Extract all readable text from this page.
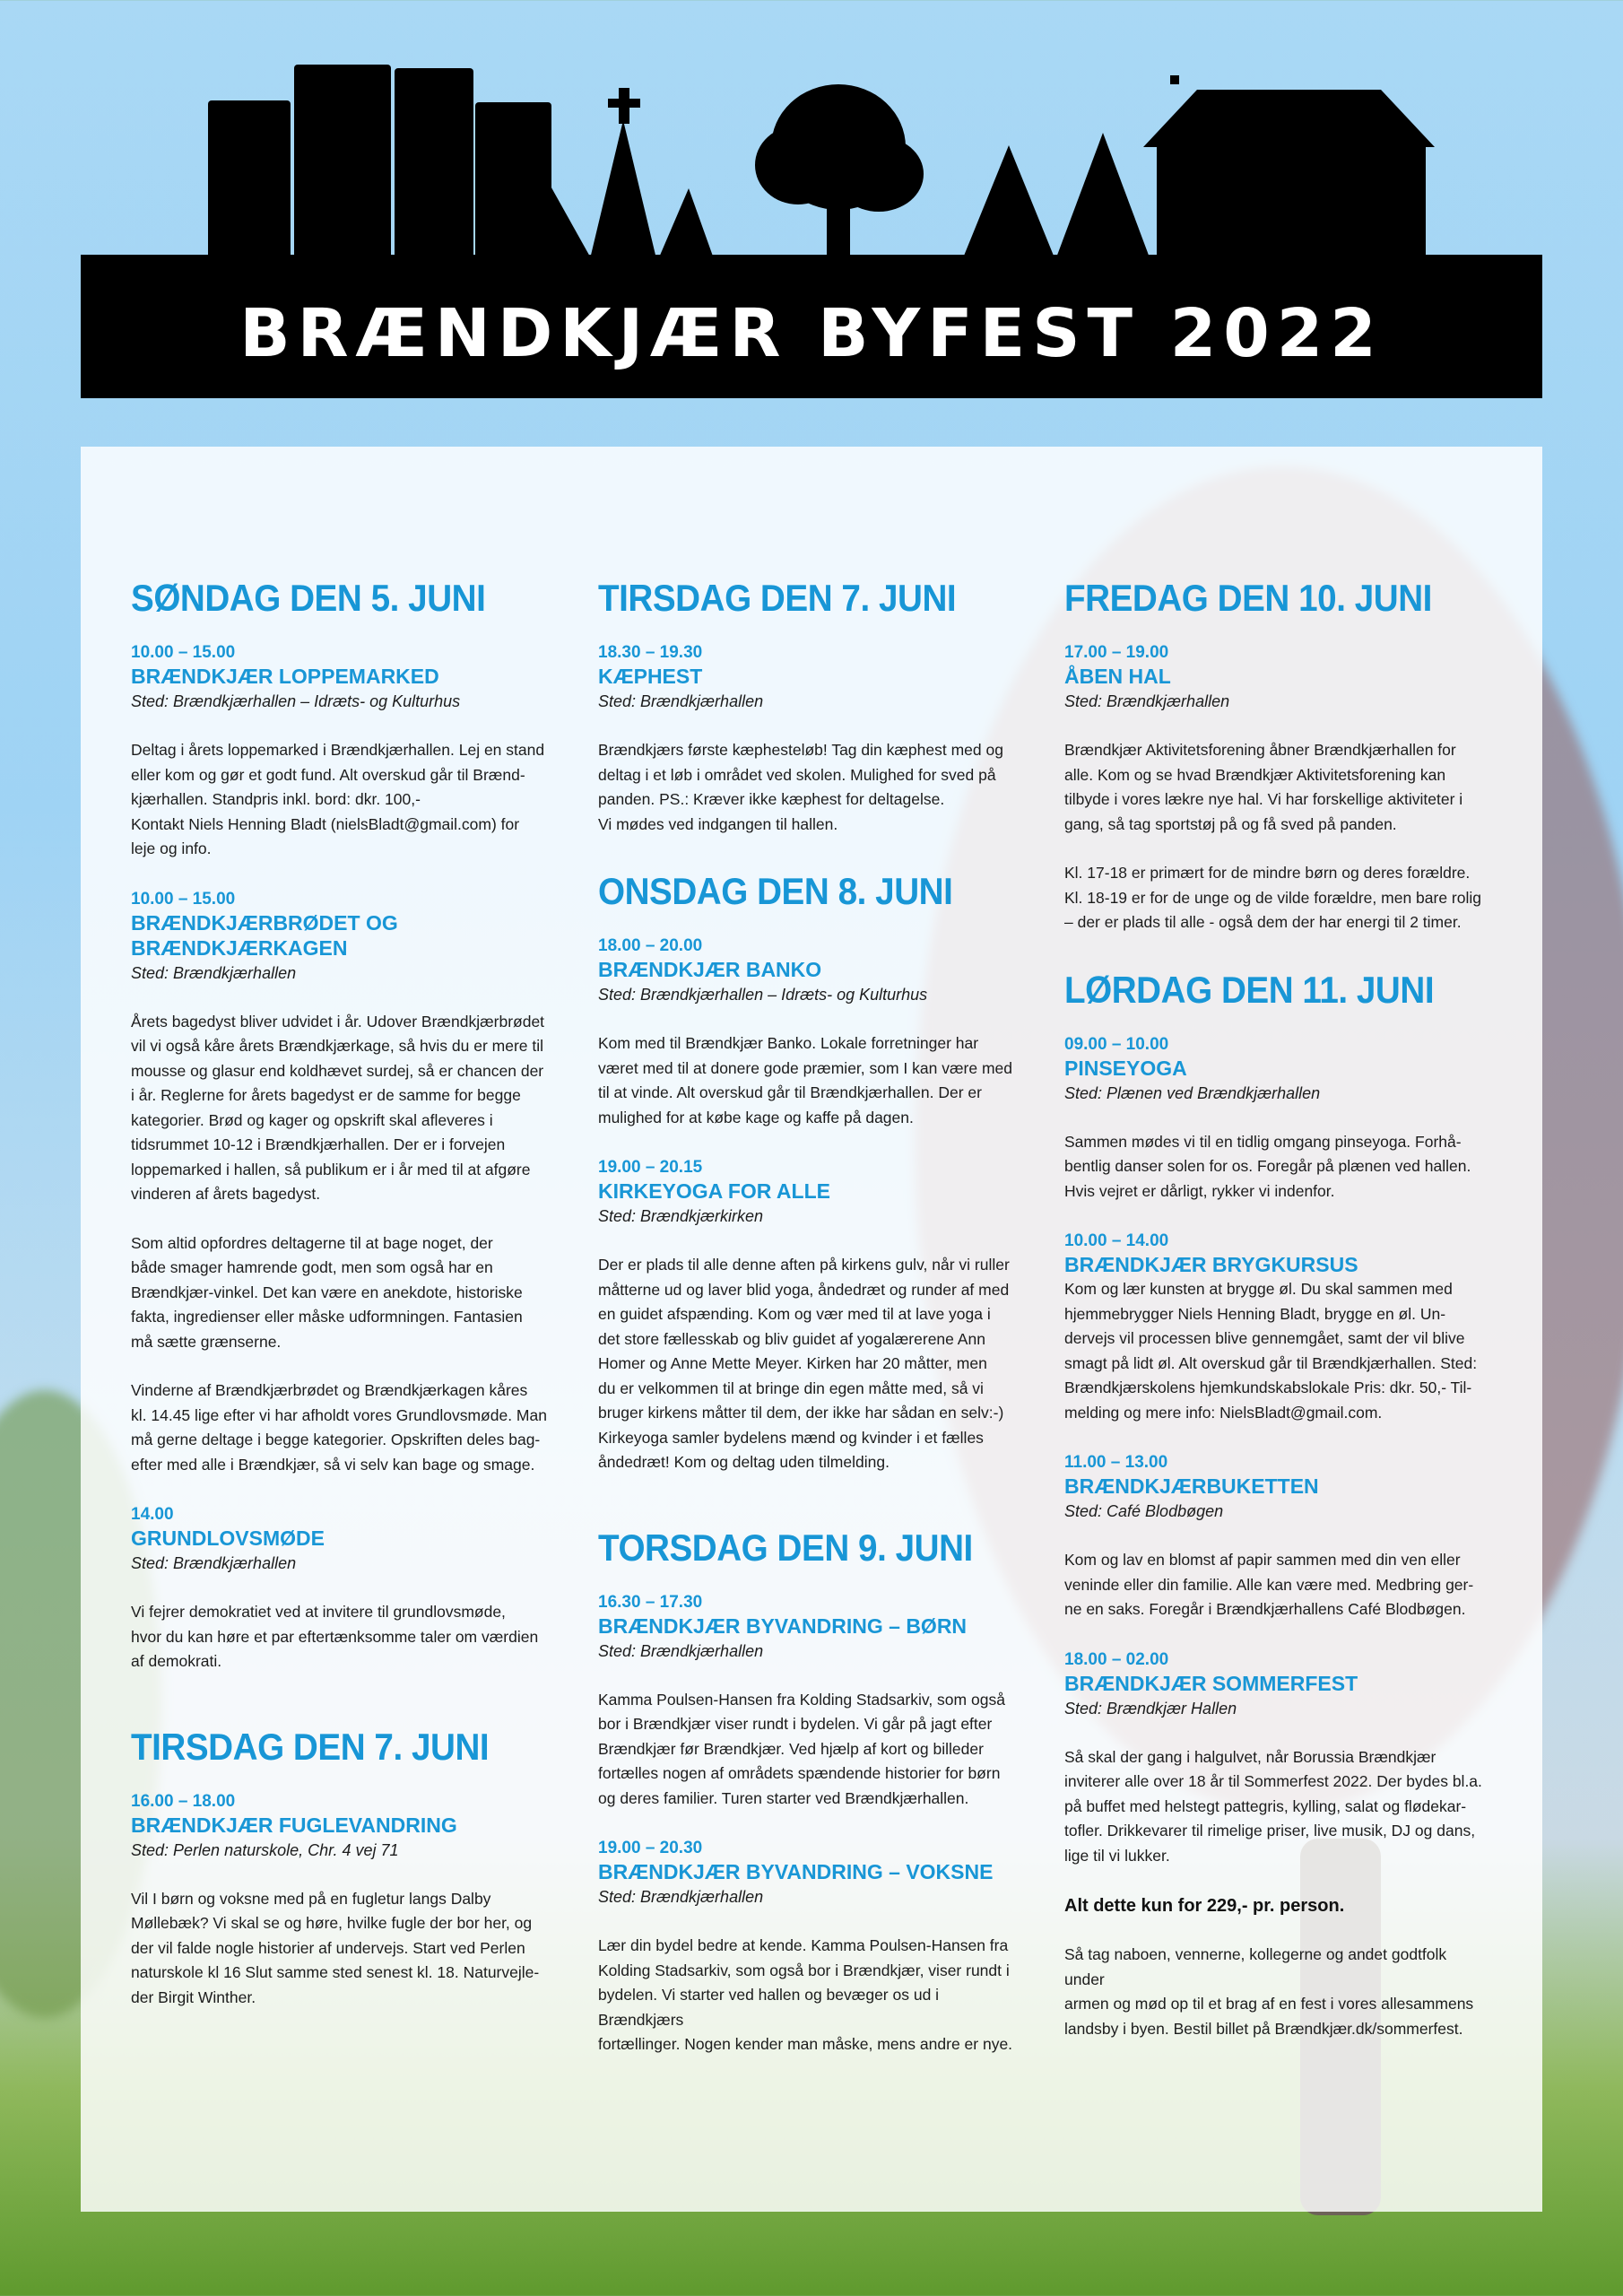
BRÆNDKJÆR BYFEST 2022
SØNDAG DEN 5. JUNI
10.00 – 15.00
BRÆNDKJÆR LOPPEMARKED
Sted: Brændkjærhallen – Idræts- og Kulturhus
Deltag i årets loppemarked i Brændkjærhallen. Lej en stand
eller kom og gør et godt fund. Alt overskud går til Brænd-
kjærhallen. Standpris inkl. bord: dkr. 100,-
Kontakt Niels Henning Bladt (nielsBladt@gmail.com) for
leje og info.
10.00 – 15.00
BRÆNDKJÆRBRØDET OG
BRÆNDKJÆRKAGEN
Sted: Brændkjærhallen
Årets bagedyst bliver udvidet i år. Udover Brændkjærbrødet
vil vi også kåre årets Brændkjærkage, så hvis du er mere til
mousse og glasur end koldhævet surdej, så er chancen der
i år. Reglerne for årets bagedyst er de samme for begge
kategorier. Brød og kager og opskrift skal afleveres i
tidsrummet 10-12 i Brændkjærhallen. Der er i forvejen
loppemarked i hallen, så publikum er i år med til at afgøre
vinderen af årets bagedyst.
Som altid opfordres deltagerne til at bage noget, der
både smager hamrende godt, men som også har en
Brændkjær-vinkel. Det kan være en anekdote, historiske
fakta, ingredienser eller måske udformningen. Fantasien
må sætte grænserne.
Vinderne af Brændkjærbrødet og Brændkjærkagen kåres
kl. 14.45 lige efter vi har afholdt vores Grundlovsmøde. Man
må gerne deltage i begge kategorier. Opskriften deles bag-
efter med alle i Brændkjær, så vi selv kan bage og smage.
14.00
GRUNDLOVSMØDE
Sted: Brændkjærhallen
Vi fejrer demokratiet ved at invitere til grundlovsmøde,
hvor du kan høre et par eftertænksomme taler om værdien
af demokrati.
TIRSDAG DEN 7. JUNI
16.00 – 18.00
BRÆNDKJÆR FUGLEVANDRING
Sted: Perlen naturskole, Chr. 4 vej 71
Vil I børn og voksne med på en fugletur langs Dalby
Møllebæk? Vi skal se og høre, hvilke fugle der bor her, og
der vil falde nogle historier af undervejs. Start ved Perlen
naturskole kl 16 Slut samme sted senest kl. 18. Naturvejle-
der Birgit Winther.
TIRSDAG DEN 7. JUNI
18.30 – 19.30
KÆPHEST
Sted: Brændkjærhallen
Brændkjærs første kæphesteløb! Tag din kæphest med og
deltag i et løb i området ved skolen. Mulighed for sved på
panden. PS.: Kræver ikke kæphest for deltagelse.
Vi mødes ved indgangen til hallen.
ONSDAG DEN 8. JUNI
18.00 – 20.00
BRÆNDKJÆR BANKO
Sted: Brændkjærhallen – Idræts- og Kulturhus
Kom med til Brændkjær Banko. Lokale forretninger har
været med til at donere gode præmier, som I kan være med
til at vinde. Alt overskud går til Brændkjærhallen. Der er
mulighed for at købe kage og kaffe på dagen.
19.00 – 20.15
KIRKEYOGA FOR ALLE
Sted: Brændkjærkirken
Der er plads til alle denne aften på kirkens gulv, når vi ruller
måtterne ud og laver blid yoga, åndedræt og runder af med
en guidet afspænding. Kom og vær med til at lave yoga i
det store fællesskab og bliv guidet af yogalærerene Ann
Homer og Anne Mette Meyer. Kirken har 20 måtter, men
du er velkommen til at bringe din egen måtte med, så vi
bruger kirkens måtter til dem, der ikke har sådan en selv:-)
Kirkeyoga samler bydelens mænd og kvinder i et fælles
åndedræt! Kom og deltag uden tilmelding.
TORSDAG DEN 9. JUNI
16.30 – 17.30
BRÆNDKJÆR BYVANDRING – BØRN
Sted: Brændkjærhallen
Kamma Poulsen-Hansen fra Kolding Stadsarkiv, som også
bor i Brændkjær viser rundt i bydelen. Vi går på jagt efter
Brændkjær før Brændkjær. Ved hjælp af kort og billeder
fortælles nogen af områdets spændende historier for børn
og deres familier. Turen starter ved Brændkjærhallen.
19.00 – 20.30
BRÆNDKJÆR BYVANDRING – VOKSNE
Sted: Brændkjærhallen
Lær din bydel bedre at kende. Kamma Poulsen-Hansen fra
Kolding Stadsarkiv, som også bor i Brændkjær, viser rundt i
bydelen. Vi starter ved hallen og bevæger os ud i Brændkjærs
fortællinger. Nogen kender man måske, mens andre er nye.
FREDAG DEN 10. JUNI
17.00 – 19.00
ÅBEN HAL
Sted: Brændkjærhallen
Brændkjær Aktivitetsforening åbner Brændkjærhallen for
alle. Kom og se hvad Brændkjær Aktivitetsforening kan
tilbyde i vores lækre nye hal. Vi har forskellige aktiviteter i
gang, så tag sportstøj på og få sved på panden.
Kl. 17-18 er primært for de mindre børn og deres forældre.
Kl. 18-19 er for de unge og de vilde forældre, men bare rolig
– der er plads til alle - også dem der har energi til 2 timer.
LØRDAG DEN 11. JUNI
09.00 – 10.00
PINSEYOGA
Sted: Plænen ved Brændkjærhallen
Sammen mødes vi til en tidlig omgang pinseyoga. Forhå-
bentlig danser solen for os. Foregår på plænen ved hallen.
Hvis vejret er dårligt, rykker vi indenfor.
10.00 – 14.00
BRÆNDKJÆR BRYGKURSUS
Kom og lær kunsten at brygge øl. Du skal sammen med
hjemmebrygger Niels Henning Bladt, brygge en øl. Un-
dervejs vil processen blive gennemgået, samt der vil blive
smagt på lidt øl. Alt overskud går til Brændkjærhallen. Sted:
Brændkjærskolens hjemkundskabslokale Pris: dkr. 50,- Til-
melding og mere info: NielsBladt@gmail.com.
11.00 – 13.00
BRÆNDKJÆRBUKETTEN
Sted: Café Blodbøgen
Kom og lav en blomst af papir sammen med din ven eller
veninde eller din familie. Alle kan være med. Medbring ger-
ne en saks. Foregår i Brændkjærhallens Café Blodbøgen.
18.00 – 02.00
BRÆNDKJÆR SOMMERFEST
Sted: Brændkjær Hallen
Så skal der gang i halgulvet, når Borussia Brændkjær
inviterer alle over 18 år til Sommerfest 2022. Der bydes bl.a.
på buffet med helstegt pattegris, kylling, salat og flødekar-
tofler. Drikkevarer til rimelige priser, live musik, DJ og dans,
lige til vi lukker.
Alt dette kun for 229,- pr. person.
Så tag naboen, vennerne, kollegerne og andet godtfolk under
armen og mød op til et brag af en fest i vores allesammens
landsby i byen. Bestil billet på Brændkjær.dk/sommerfest.
